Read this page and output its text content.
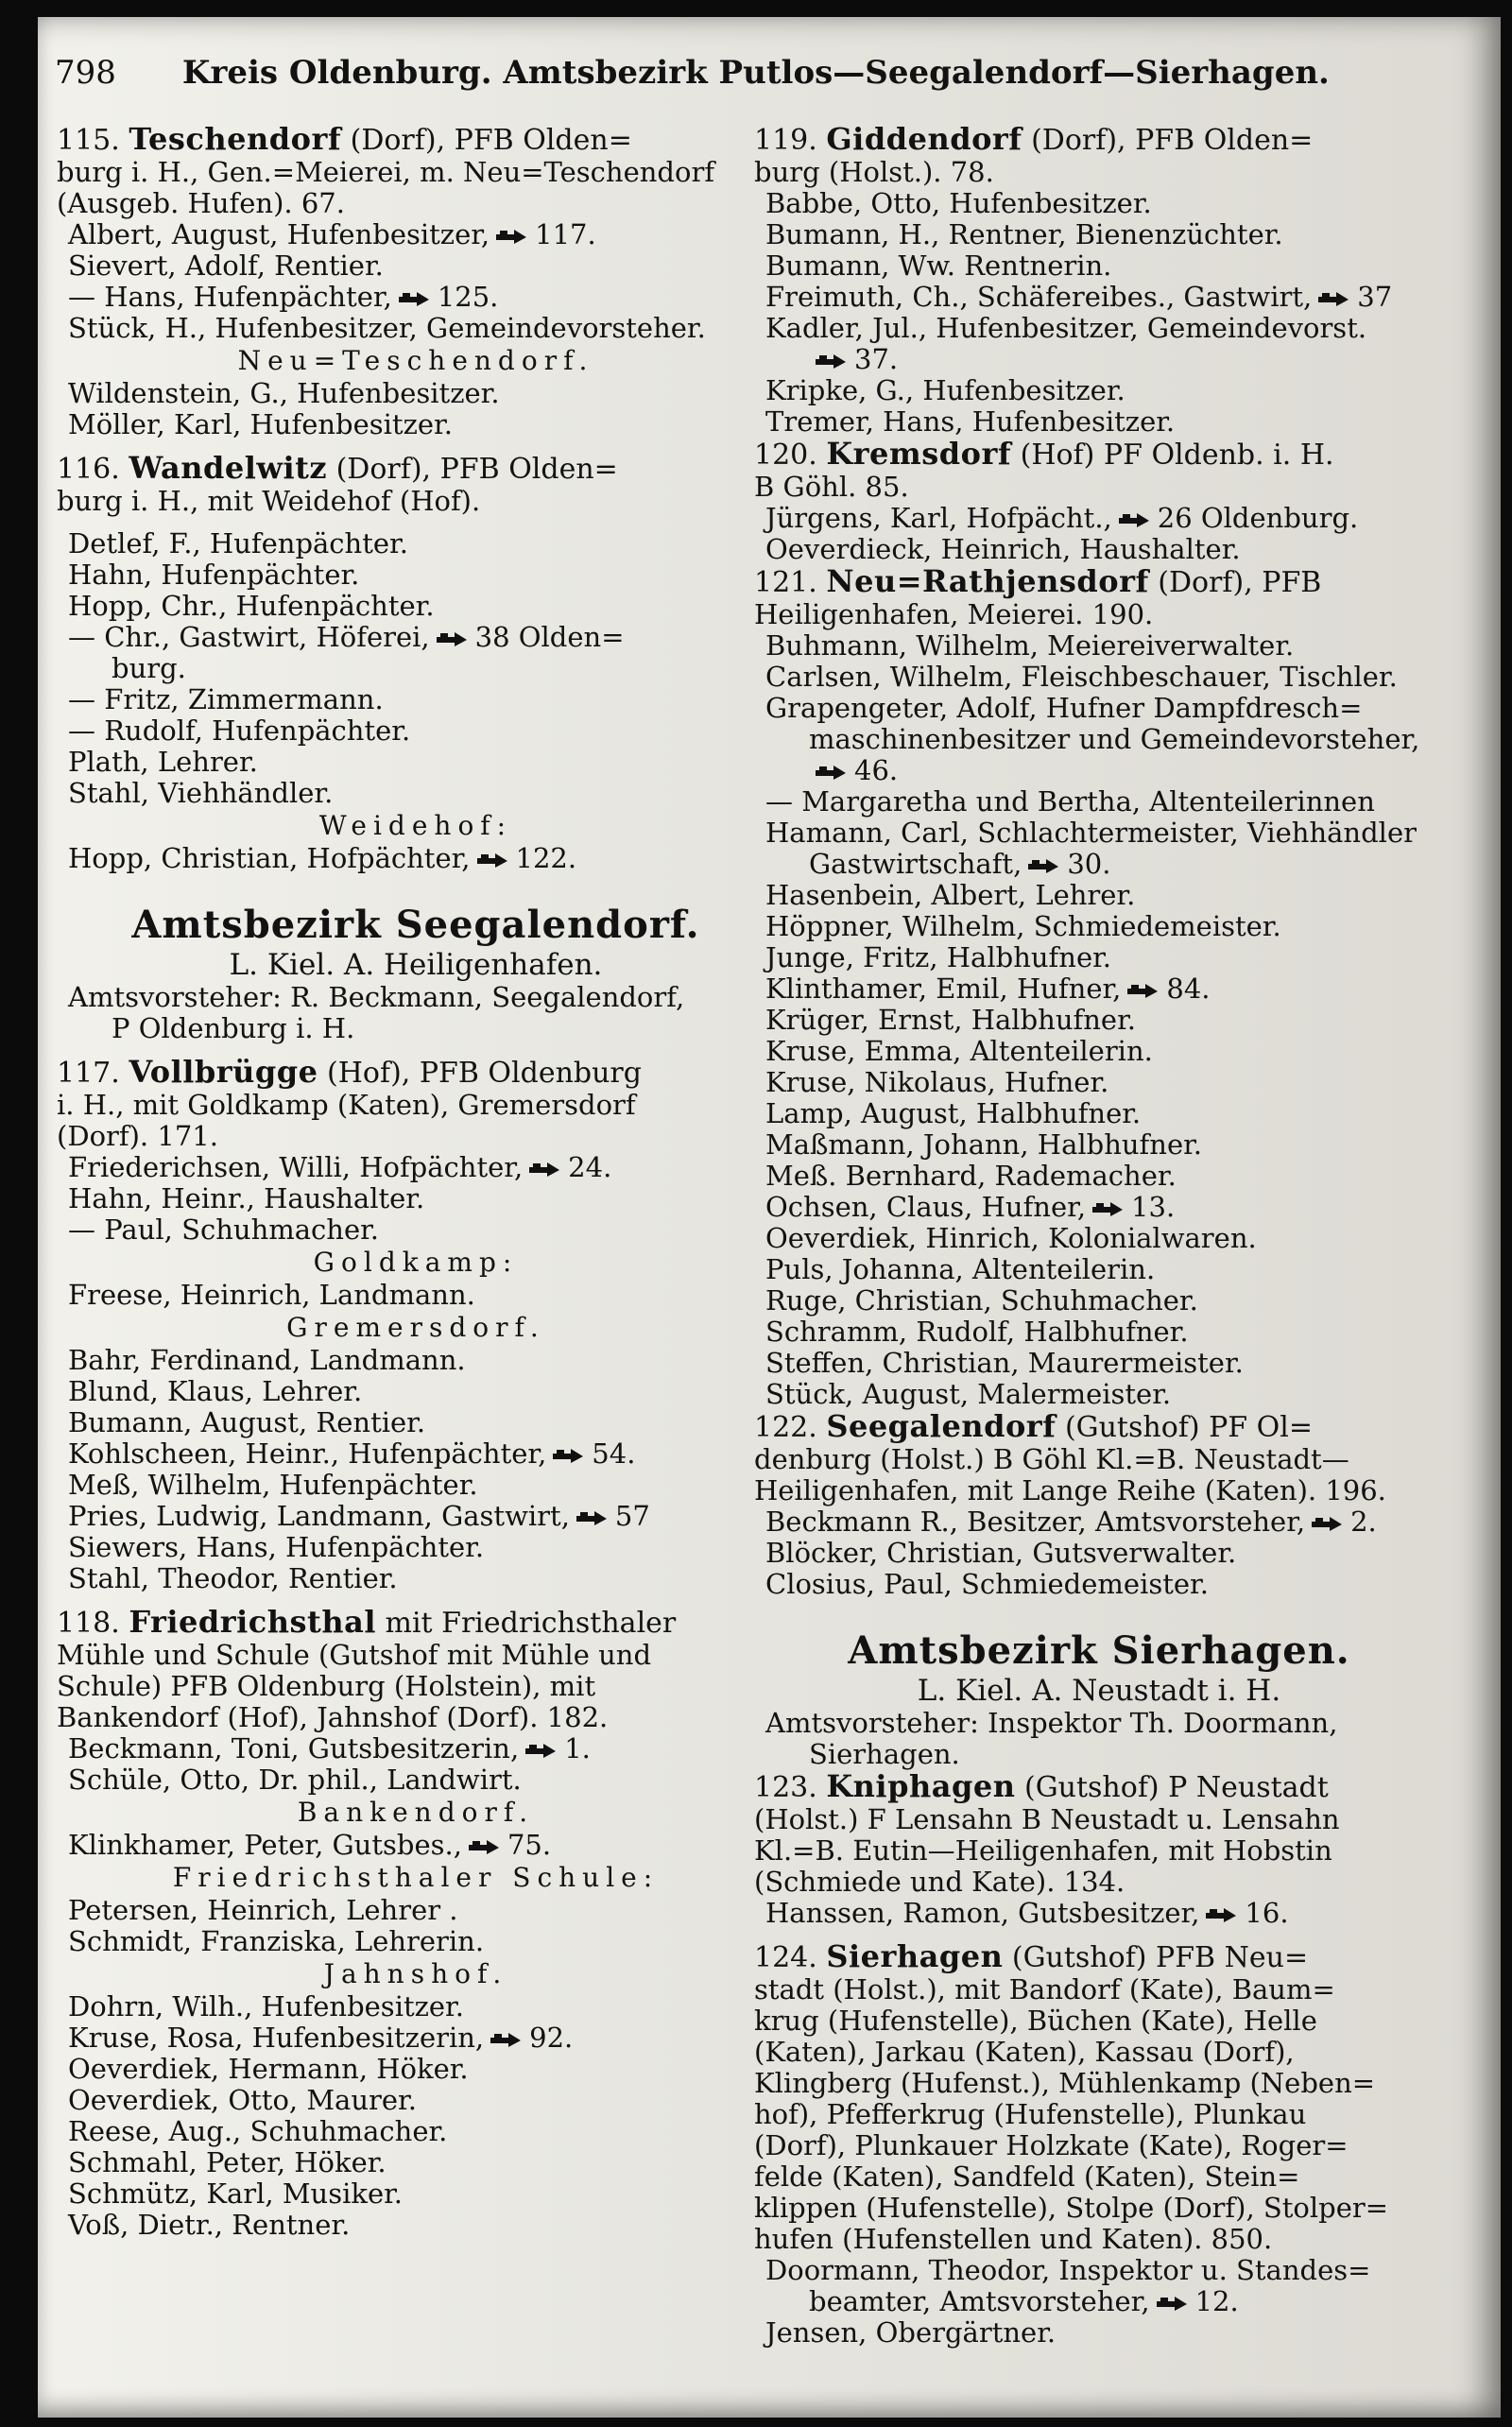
798 Kreis Oldenburg. Amtsbezirk Putlos—Seegalendorf—Sierhagen.
115. Teschendorf (Dorf), PFB Olden=
burg i. H., Gen.=Meierei, m. Neu=Teschendorf
(Ausgeb. Hufen). 67.
Albert, August, Hufenbesitzer, 117.
Sievert, Adolf, Rentier.
— Hans, Hufenpächter, 125.
Stück, H., Hufenbesitzer, Gemeindevorsteher.
Neu=Teschendorf.
Wildenstein, G., Hufenbesitzer.
Möller, Karl, Hufenbesitzer.
116. Wandelwitz (Dorf), PFB Olden=
burg i. H., mit Weidehof (Hof).
Detlef, F., Hufenpächter.
Hahn, Hufenpächter.
Hopp, Chr., Hufenpächter.
— Chr., Gastwirt, Höferei, 38 Olden=
burg.
— Fritz, Zimmermann.
— Rudolf, Hufenpächter.
Plath, Lehrer.
Stahl, Viehhändler.
Weidehof:
Hopp, Christian, Hofpächter, 122.
Amtsbezirk Seegalendorf.
L. Kiel. A. Heiligenhafen.
Amtsvorsteher: R. Beckmann, Seegalendorf,
P Oldenburg i. H.
117. Vollbrügge (Hof), PFB Oldenburg
i. H., mit Goldkamp (Katen), Gremersdorf
(Dorf). 171.
Friederichsen, Willi, Hofpächter, 24.
Hahn, Heinr., Haushalter.
— Paul, Schuhmacher.
Goldkamp:
Freese, Heinrich, Landmann.
Gremersdorf.
Bahr, Ferdinand, Landmann.
Blund, Klaus, Lehrer.
Bumann, August, Rentier.
Kohlscheen, Heinr., Hufenpächter, 54.
Meß, Wilhelm, Hufenpächter.
Pries, Ludwig, Landmann, Gastwirt, 57
Siewers, Hans, Hufenpächter.
Stahl, Theodor, Rentier.
118. Friedrichsthal mit Friedrichsthaler
Mühle und Schule (Gutshof mit Mühle und
Schule) PFB Oldenburg (Holstein), mit
Bankendorf (Hof), Jahnshof (Dorf). 182.
Beckmann, Toni, Gutsbesitzerin, 1.
Schüle, Otto, Dr. phil., Landwirt.
Bankendorf.
Klinkhamer, Peter, Gutsbes., 75.
Friedrichsthaler Schule:
Petersen, Heinrich, Lehrer .
Schmidt, Franziska, Lehrerin.
Jahnshof.
Dohrn, Wilh., Hufenbesitzer.
Kruse, Rosa, Hufenbesitzerin, 92.
Oeverdiek, Hermann, Höker.
Oeverdiek, Otto, Maurer.
Reese, Aug., Schuhmacher.
Schmahl, Peter, Höker.
Schmütz, Karl, Musiker.
Voß, Dietr., Rentner.
119. Giddendorf (Dorf), PFB Olden=
burg (Holst.). 78.
Babbe, Otto, Hufenbesitzer.
Bumann, H., Rentner, Bienenzüchter.
Bumann, Ww. Rentnerin.
Freimuth, Ch., Schäfereibes., Gastwirt, 37
Kadler, Jul., Hufenbesitzer, Gemeindevorst.
37.
Kripke, G., Hufenbesitzer.
Tremer, Hans, Hufenbesitzer.
120. Kremsdorf (Hof) PF Oldenb. i. H.
B Göhl. 85.
Jürgens, Karl, Hofpächt., 26 Oldenburg.
Oeverdieck, Heinrich, Haushalter.
121. Neu=Rathjensdorf (Dorf), PFB
Heiligenhafen, Meierei. 190.
Buhmann, Wilhelm, Meiereiverwalter.
Carlsen, Wilhelm, Fleischbeschauer, Tischler.
Grapengeter, Adolf, Hufner Dampfdresch=
maschinenbesitzer und Gemeindevorsteher,
46.
— Margaretha und Bertha, Altenteilerinnen
Hamann, Carl, Schlachtermeister, Viehhändler
Gastwirtschaft, 30.
Hasenbein, Albert, Lehrer.
Höppner, Wilhelm, Schmiedemeister.
Junge, Fritz, Halbhufner.
Klinthamer, Emil, Hufner, 84.
Krüger, Ernst, Halbhufner.
Kruse, Emma, Altenteilerin.
Kruse, Nikolaus, Hufner.
Lamp, August, Halbhufner.
Maßmann, Johann, Halbhufner.
Meß. Bernhard, Rademacher.
Ochsen, Claus, Hufner, 13.
Oeverdiek, Hinrich, Kolonialwaren.
Puls, Johanna, Altenteilerin.
Ruge, Christian, Schuhmacher.
Schramm, Rudolf, Halbhufner.
Steffen, Christian, Maurermeister.
Stück, August, Malermeister.
122. Seegalendorf (Gutshof) PF Ol=
denburg (Holst.) B Göhl Kl.=B. Neustadt—
Heiligenhafen, mit Lange Reihe (Katen). 196.
Beckmann R., Besitzer, Amtsvorsteher, 2.
Blöcker, Christian, Gutsverwalter.
Closius, Paul, Schmiedemeister.
Amtsbezirk Sierhagen.
L. Kiel. A. Neustadt i. H.
Amtsvorsteher: Inspektor Th. Doormann,
Sierhagen.
123. Kniphagen (Gutshof) P Neustadt
(Holst.) F Lensahn B Neustadt u. Lensahn
Kl.=B. Eutin—Heiligenhafen, mit Hobstin
(Schmiede und Kate). 134.
Hanssen, Ramon, Gutsbesitzer, 16.
124. Sierhagen (Gutshof) PFB Neu=
stadt (Holst.), mit Bandorf (Kate), Baum=
krug (Hufenstelle), Büchen (Kate), Helle
(Katen), Jarkau (Katen), Kassau (Dorf),
Klingberg (Hufenst.), Mühlenkamp (Neben=
hof), Pfefferkrug (Hufenstelle), Plunkau
(Dorf), Plunkauer Holzkate (Kate), Roger=
felde (Katen), Sandfeld (Katen), Stein=
klippen (Hufenstelle), Stolpe (Dorf), Stolper=
hufen (Hufenstellen und Katen). 850.
Doormann, Theodor, Inspektor u. Standes=
beamter, Amtsvorsteher, 12.
Jensen, Obergärtner.
